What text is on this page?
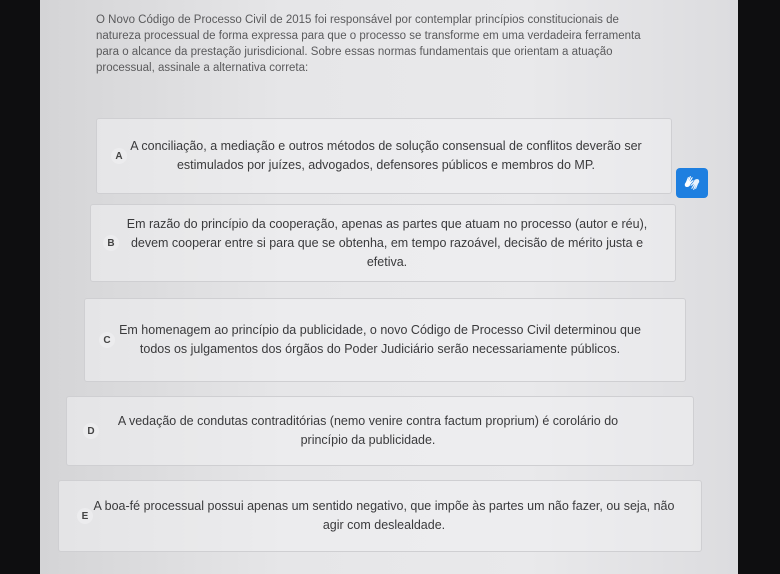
O Novo Código de Processo Civil de 2015 foi responsável por contemplar princípios constitucionais de natureza processual de forma expressa para que o processo se transforme em uma verdadeira ferramenta para o alcance da prestação jurisdicional. Sobre essas normas fundamentais que orientam a atuação processual, assinale a alternativa correta:
A
A conciliação, a mediação e outros métodos de solução consensual de conflitos deverão ser estimulados por juízes, advogados, defensores públicos e membros do MP.
B
Em razão do princípio da cooperação, apenas as partes que atuam no processo (autor e réu), devem cooperar entre si para que se obtenha, em tempo razoável, decisão de mérito justa e efetiva.
C
Em homenagem ao princípio da publicidade, o novo Código de Processo Civil determinou que todos os julgamentos dos órgãos do Poder Judiciário serão necessariamente públicos.
D
A vedação de condutas contraditórias (nemo venire contra factum proprium) é corolário do princípio da publicidade.
E
A boa-fé processual possui apenas um sentido negativo, que impõe às partes um não fazer, ou seja, não agir com deslealdade.
